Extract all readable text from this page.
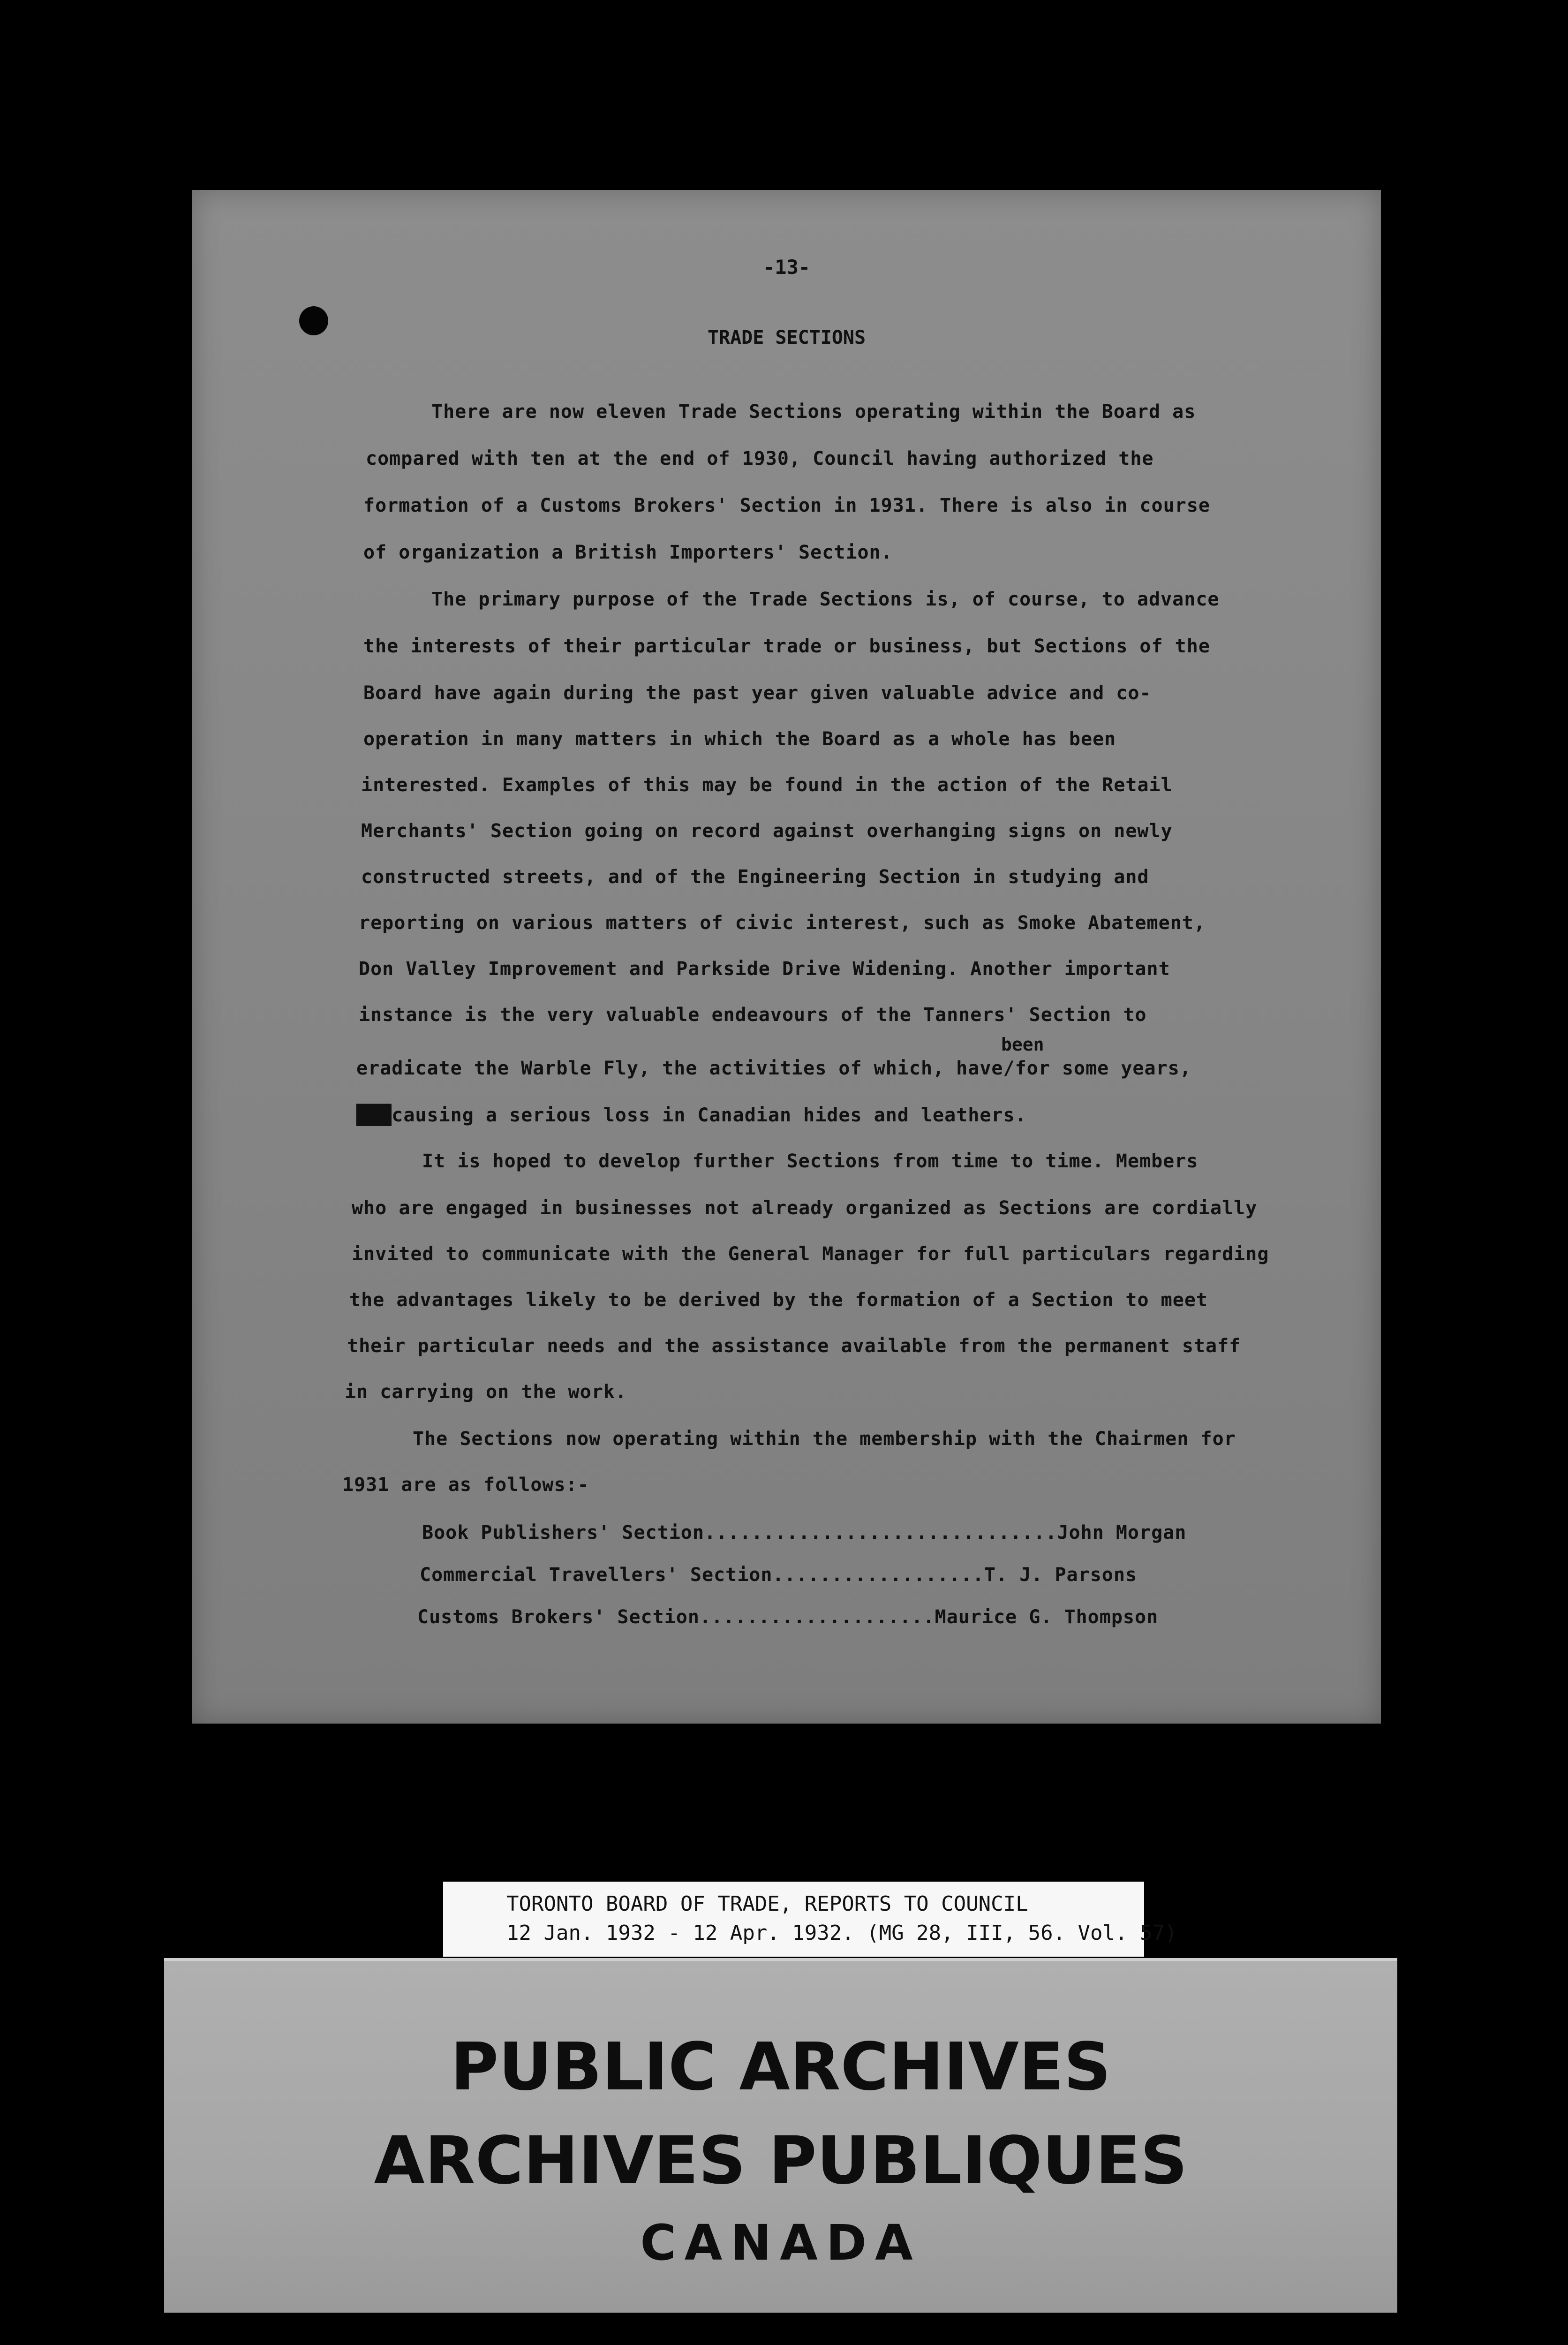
-13-
TRADE SECTIONS
There are now eleven Trade Sections operating within the Board as
compared with ten at the end of 1930, Council having authorized the
formation of a Customs Brokers' Section in 1931. There is also in course
of organization a British Importers' Section.
The primary purpose of the Trade Sections is, of course, to advance
the interests of their particular trade or business, but Sections of the
Board have again during the past year given valuable advice and co-
operation in many matters in which the Board as a whole has been
interested. Examples of this may be found in the action of the Retail
Merchants' Section going on record against overhanging signs on newly
constructed streets, and of the Engineering Section in studying and
reporting on various matters of civic interest, such as Smoke Abatement,
Don Valley Improvement and Parkside Drive Widening. Another important
instance is the very valuable endeavours of the Tanners' Section to
been
eradicate the Warble Fly, the activities of which, have/for some years,
███causing a serious loss in Canadian hides and leathers.
It is hoped to develop further Sections from time to time. Members
who are engaged in businesses not already organized as Sections are cordially
invited to communicate with the General Manager for full particulars regarding
the advantages likely to be derived by the formation of a Section to meet
their particular needs and the assistance available from the permanent staff
in carrying on the work.
The Sections now operating within the membership with the Chairmen for
1931 are as follows:-
Book Publishers' Section..............................John Morgan
Commercial Travellers' Section..................T. J. Parsons
Customs Brokers' Section....................Maurice G. Thompson
TORONTO BOARD OF TRADE, REPORTS TO COUNCIL
12 Jan. 1932 - 12 Apr. 1932. (MG 28, III, 56. Vol. 57)
PUBLIC ARCHIVES
ARCHIVES PUBLIQUES
CANADA
